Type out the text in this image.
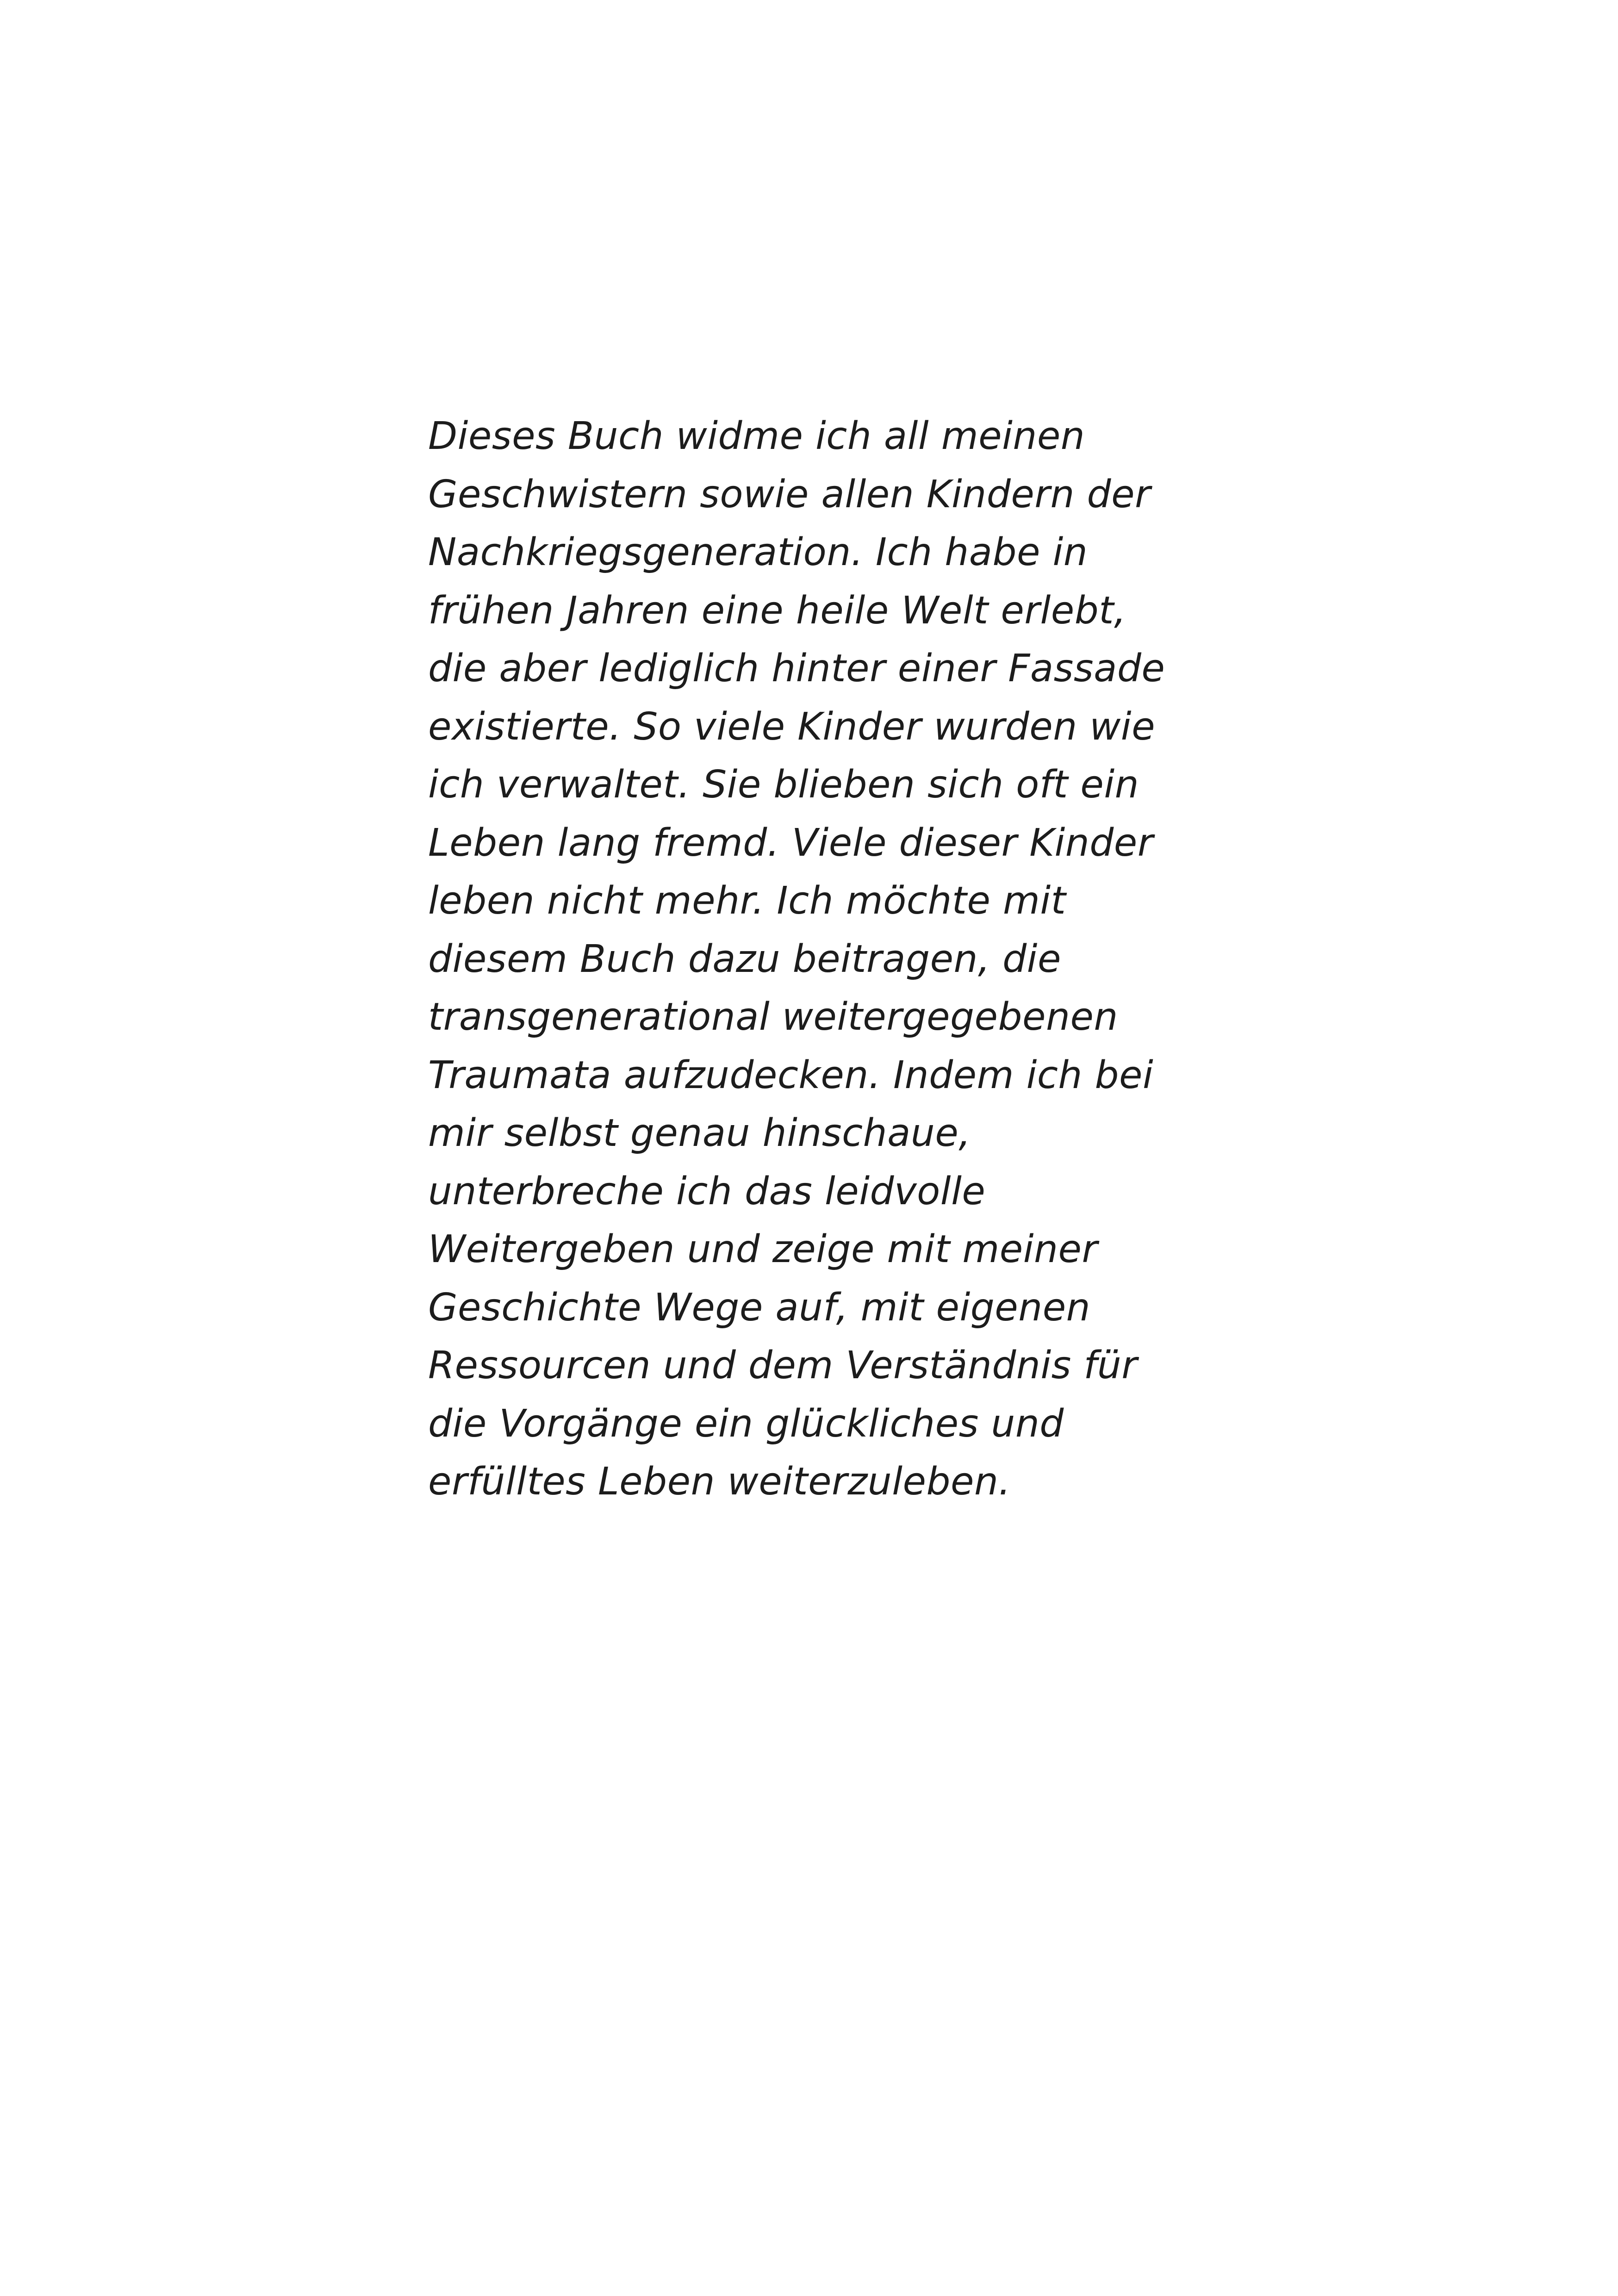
Dieses Buch widme ich all meinen
Geschwistern sowie allen Kindern der
Nachkriegsgeneration. Ich habe in
frühen Jahren eine heile Welt erlebt,
die aber lediglich hinter einer Fassade
existierte. So viele Kinder wurden wie
ich verwaltet. Sie blieben sich oft ein
Leben lang fremd. Viele dieser Kinder
leben nicht mehr. Ich möchte mit
diesem Buch dazu beitragen, die
transgenerational weitergegebenen
Traumata aufzudecken. Indem ich bei
mir selbst genau hinschaue,
unterbreche ich das leidvolle
Weitergeben und zeige mit meiner
Geschichte Wege auf, mit eigenen
Ressourcen und dem Verständnis für
die Vorgänge ein glückliches und
erfülltes Leben weiterzuleben.
